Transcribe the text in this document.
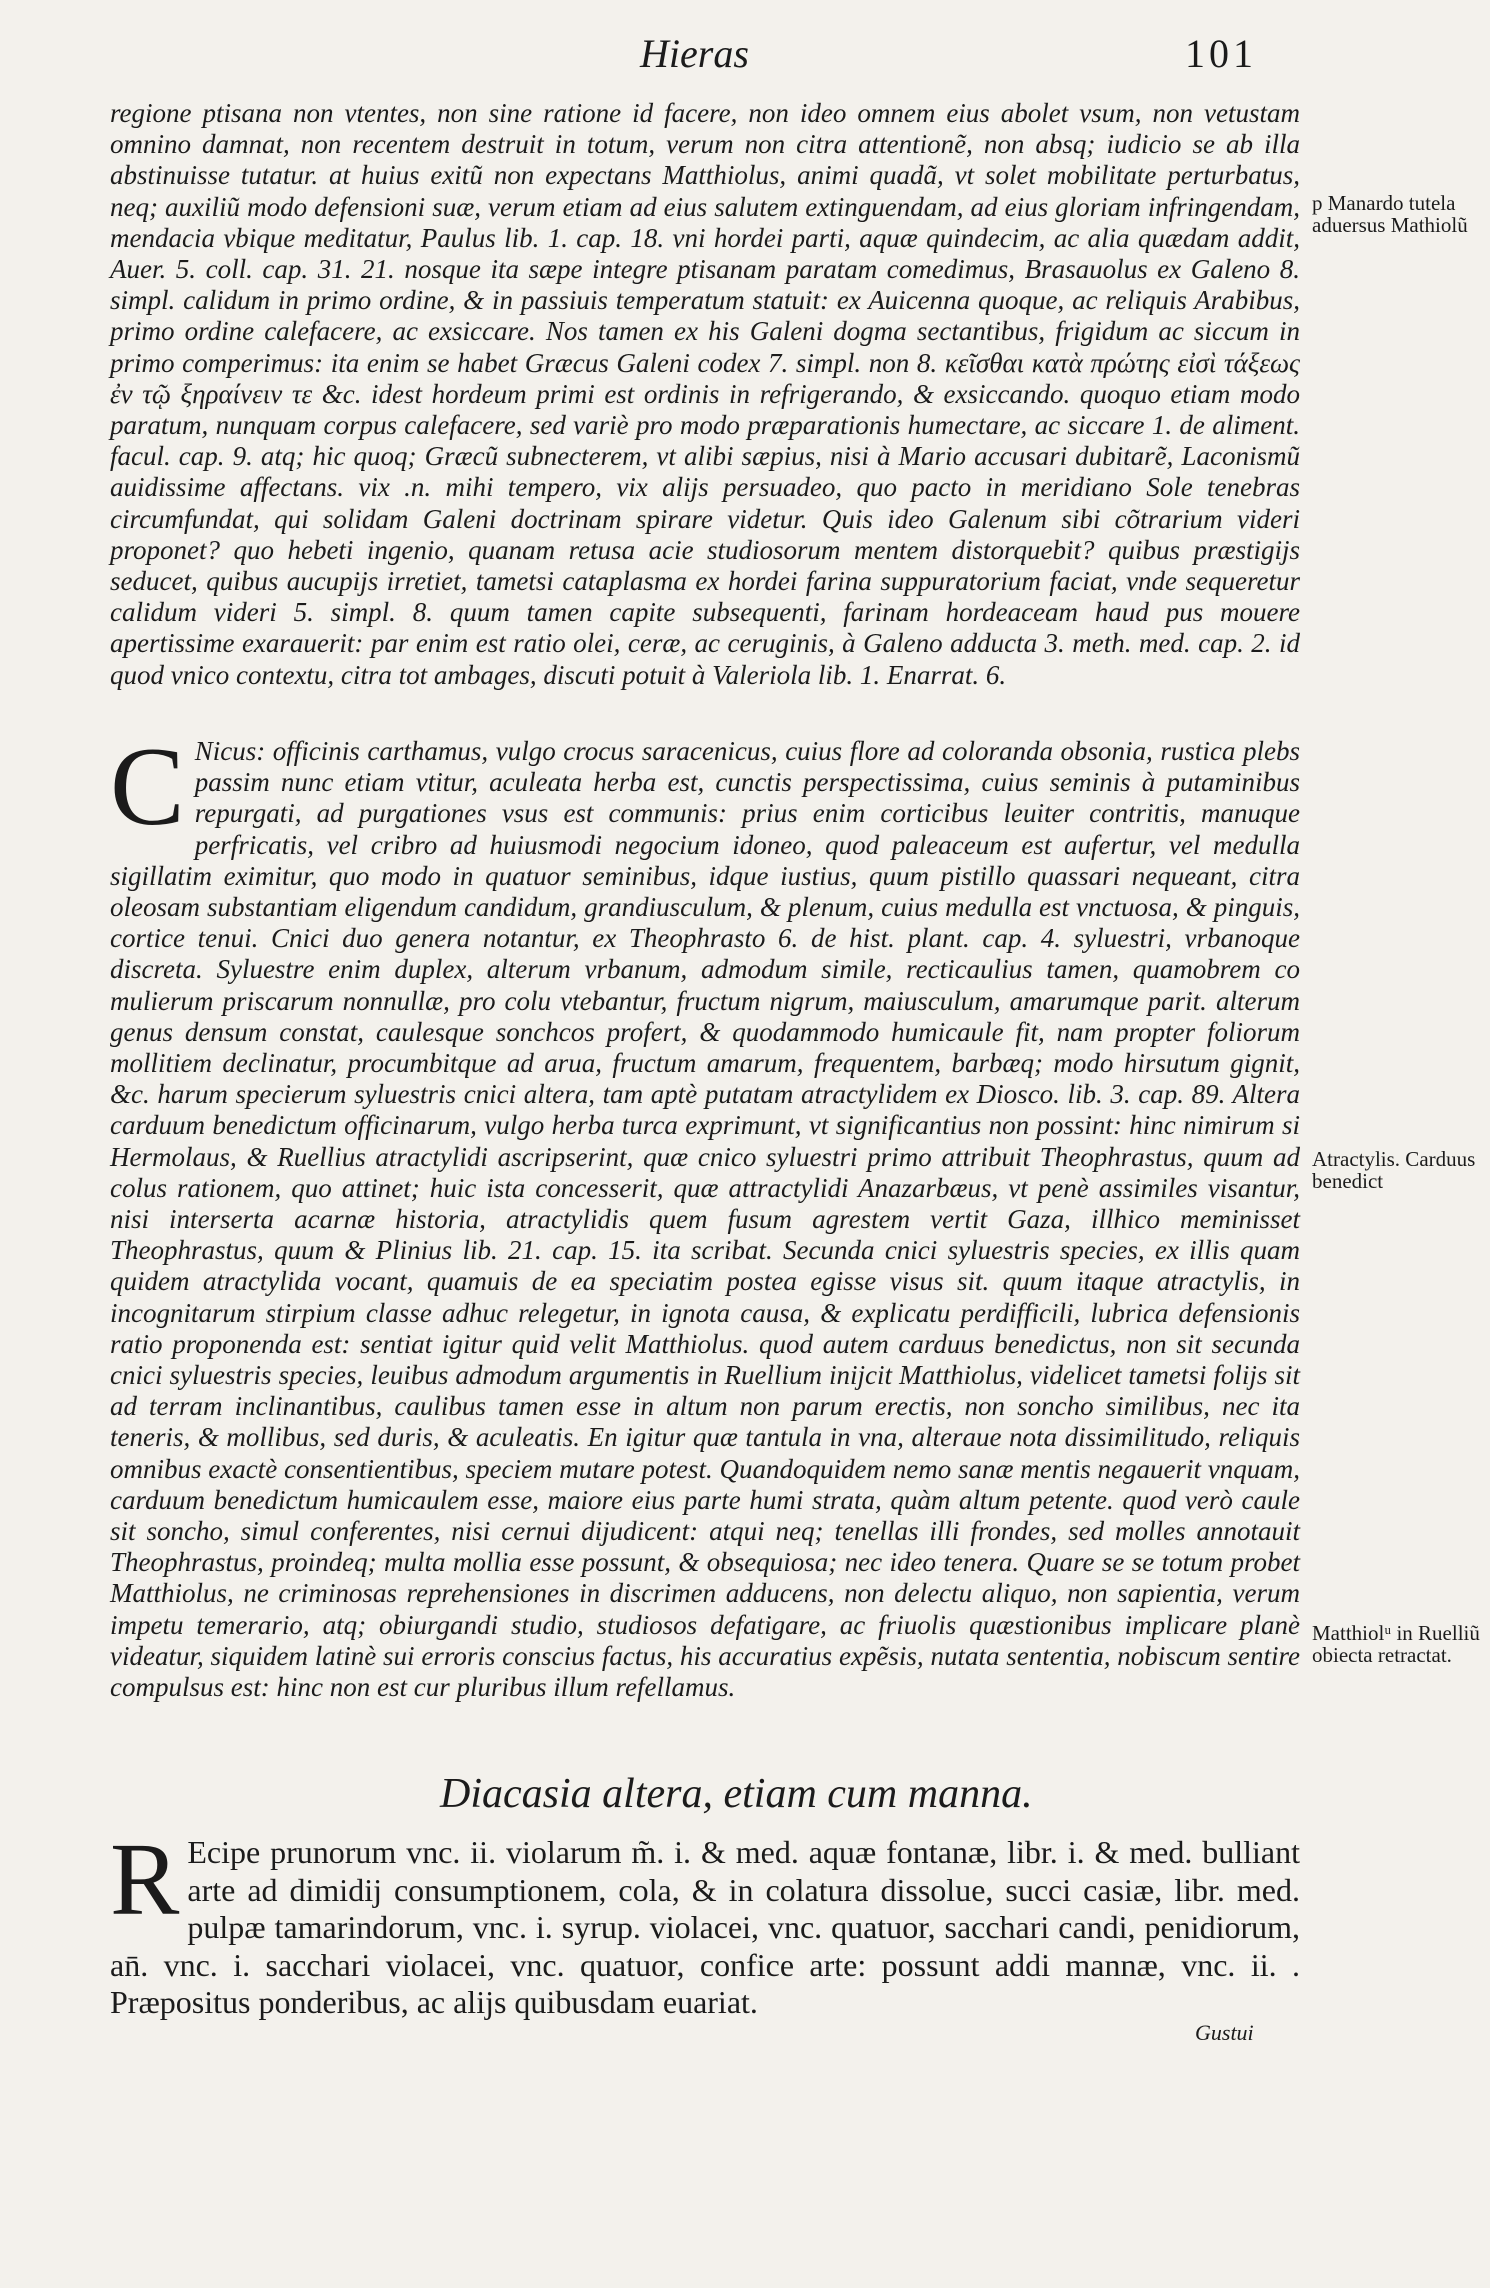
Hieras	101

regione ptisana non vtentes, non sine ratione id facere, non ideo omnem eius abolet vsum, non vetustam omnino damnat, non recentem destruit in totum, verum non citra attentionẽ, non absq; iudicio se ab illa abstinuisse tutatur. at huius exitũ non expectans Matthiolus, animi quadã, vt solet mobilitate perturbatus, neq; auxiliũ modo defensioni suæ, verum etiam ad eius salutem extinguendam, ad eius gloriam infringendam, mendacia vbique meditatur, Paulus lib. 1. cap. 18. vni hordei parti, aquæ quindecim, ac alia quædam addit, Auer. 5. coll. cap. 31. 21. nosque ita sæpe integre ptisanam paratam comedimus, Brasauolus ex Galeno 8. simpl. calidum in primo ordine, & in passiuis temperatum statuit: ex Auicenna quoque, ac reliquis Arabibus, primo ordine calefacere, ac exsiccare. Nos tamen ex his Galeni dogma sectantibus, frigidum ac siccum in primo comperimus: ita enim se habet Græcus Galeni codex 7. simpl. non 8. κεῖσθαι κατὰ πρώτης εἰσὶ τάξεως ἐν τῷ ξηραίνειν τε &c. idest hordeum primi est ordinis in refrigerando, & exsiccando. quoquo etiam modo paratum, nunquam corpus calefacere, sed variè pro modo præparationis humectare, ac siccare 1. de aliment. facul. cap. 9. atq; hic quoq; Græcũ subnecterem, vt alibi sæpius, nisi à Mario accusari dubitarẽ, Laconismũ auidissime affectans. vix .n. mihi tempero, vix alijs persuadeo, quo pacto in meridiano Sole tenebras circumfundat, qui solidam Galeni doctrinam spirare videtur. Quis ideo Galenum sibi cõtrarium videri proponet? quo hebeti ingenio, quanam retusa acie studiosorum mentem distorquebit? quibus præstigijs seducet, quibus aucupijs irretiet, tametsi cataplasma ex hordei farina suppuratorium faciat, vnde sequeretur calidum videri 5. simpl. 8. quum tamen capite subsequenti, farinam hordeaceam haud pus mouere apertissime exarauerit: par enim est ratio olei, ceræ, ac ceruginis, à Galeno adducta 3. meth. med. cap. 2. id quod vnico contextu, citra tot ambages, discuti potuit à Valeriola lib. 1. Enarrat. 6.

C Nicus: officinis carthamus, vulgo crocus saracenicus, cuius flore ad coloranda obsonia, rustica plebs passim nunc etiam vtitur, aculeata herba est, cunctis perspectissima, cuius seminis à putaminibus repurgati, ad purgationes vsus est communis: prius enim corticibus leuiter contritis, manuque perfricatis, vel cribro ad huiusmodi negocium idoneo, quod paleaceum est aufertur, vel medulla sigillatim eximitur, quo modo in quatuor seminibus, idque iustius, quum pistillo quassari nequeant, citra oleosam substantiam eligendum candidum, grandiusculum, & plenum, cuius medulla est vnctuosa, & pinguis, cortice tenui. Cnici duo genera notantur, ex Theophrasto 6. de hist. plant. cap. 4. syluestri, vrbanoque discreta. Syluestre enim duplex, alterum vrbanum, admodum simile, recticaulius tamen, quamobrem co mulierum priscarum nonnullæ, pro colu vtebantur, fructum nigrum, maiusculum, amarumque parit. alterum genus densum constat, caulesque sonchcos profert, & quodammodo humicaule fit, nam propter foliorum mollitiem declinatur, procumbitque ad arua, fructum amarum, frequentem, barbæq; modo hirsutum gignit, &c. harum specierum syluestris cnici altera, tam aptè putatam atractylidem ex Diosco. lib. 3. cap. 89. Altera carduum benedictum officinarum, vulgo herba turca exprimunt, vt significantius non possint: hinc nimirum si Hermolaus, & Ruellius atractylidi ascripserint, quæ cnico syluestri primo attribuit Theophrastus, quum ad colus rationem, quo attinet; huic ista concesserit, quæ attractylidi Anazarbæus, vt penè assimiles visantur, nisi interserta acarnæ historia, atractylidis quem fusum agrestem vertit Gaza, illhico meminisset Theophrastus, quum & Plinius lib. 21. cap. 15. ita scribat. Secunda cnici syluestris species, ex illis quam quidem atractylida vocant, quamuis de ea speciatim postea egisse visus sit. quum itaque atractylis, in incognitarum stirpium classe adhuc relegetur, in ignota causa, & explicatu perdifficili, lubrica defensionis ratio proponenda est: sentiat igitur quid velit Matthiolus. quod autem carduus benedictus, non sit secunda cnici syluestris species, leuibus admodum argumentis in Ruellium inijcit Matthiolus, videlicet tametsi folijs sit ad terram inclinantibus, caulibus tamen esse in altum non parum erectis, non soncho similibus, nec ita teneris, & mollibus, sed duris, & aculeatis. En igitur quæ tantula in vna, alteraue nota dissimilitudo, reliquis omnibus exactè consentientibus, speciem mutare potest. Quandoquidem nemo sanæ mentis negauerit vnquam, carduum benedictum humicaulem esse, maiore eius parte humi strata, quàm altum petente. quod verò caule sit soncho, simul conferentes, nisi cernui dijudicent: atqui neq; tenellas illi frondes, sed molles annotauit Theophrastus, proindeq; multa mollia esse possunt, & obsequiosa; nec ideo tenera. Quare se se totum probet Matthiolus, ne criminosas reprehensiones in discrimen adducens, non delectu aliquo, non sapientia, verum impetu temerario, atq; obiurgandi studio, studiosos defatigare, ac friuolis quæstionibus implicare planè videatur, siquidem latinè sui erroris conscius factus, his accuratius expẽsis, nutata sententia, nobiscum sentire compulsus est: hinc non est cur pluribus illum refellamus.

Diacasia altera, etiam cum manna.
R Ecipe prunorum vnc. ii. violarum m̃. i. & med. aquæ fontanæ, libr. i. & med. bulliant arte ad dimidij consumptionem, cola, & in colatura dissolue, succi casiæ, libr. med. pulpæ tamarindorum, vnc. i. syrup. violacei, vnc. quatuor, sacchari candi, penidiorum, an̄. vnc. i. sacchari violacei, vnc. quatuor, confice arte: possunt addi mannæ, vnc. ii. . Præpositus ponderibus, ac alijs quibusdam euariat.
Gustui
p Manardo tutela aduersus Mathiolũ
Atractylis. Carduus benedict
Matthiolᵘ in Ruelliũ obiecta retractat.
